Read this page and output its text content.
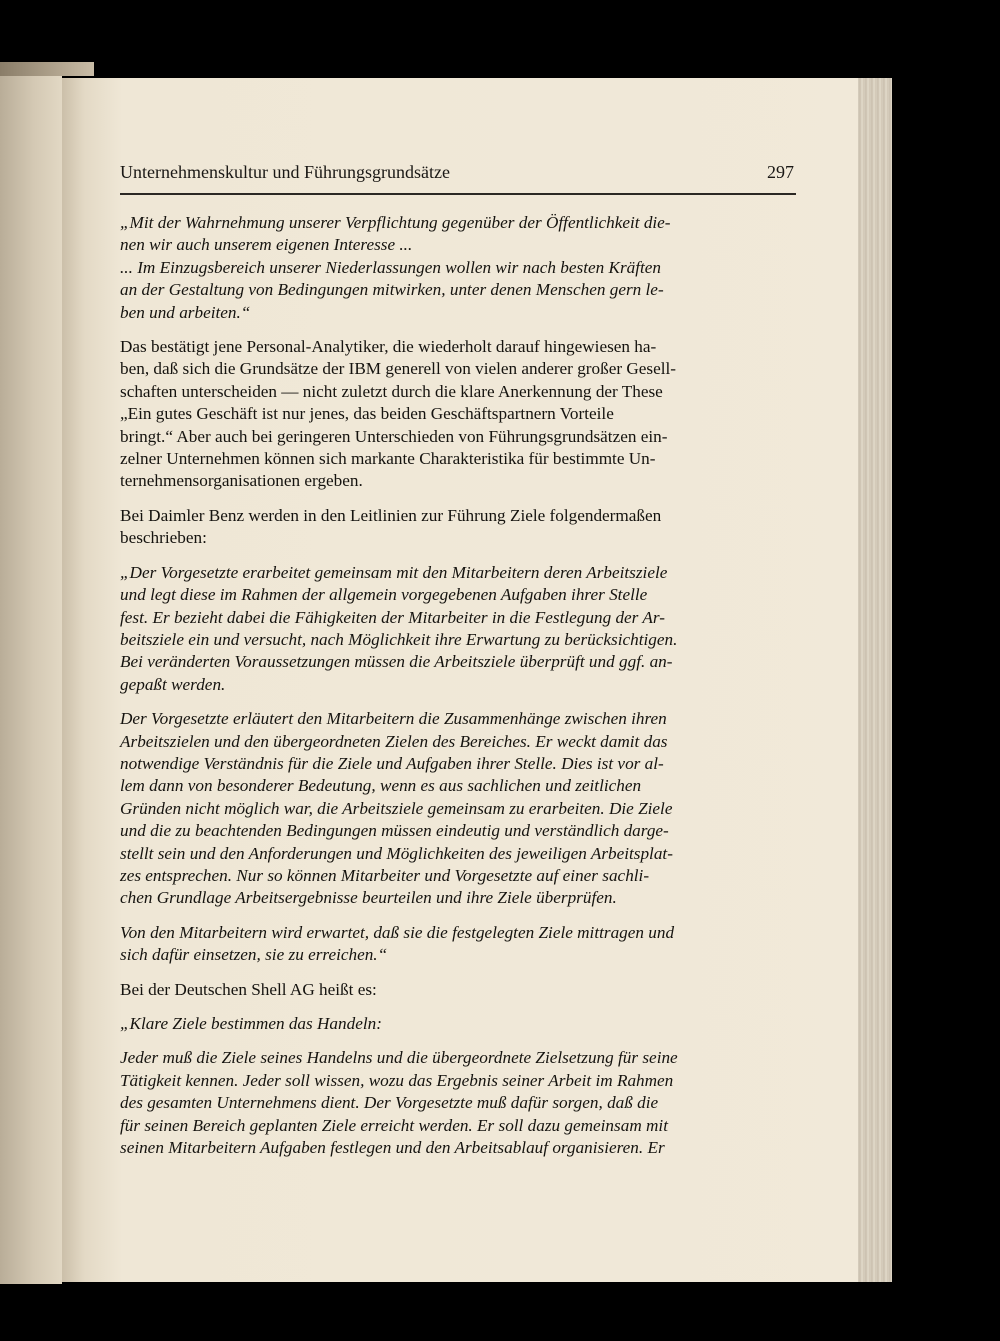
Unternehmenskultur und Führungsgrundsätze	297

„Mit der Wahrnehmung unserer Verpflichtung gegenüber der Öffentlichkeit die-
nen wir auch unserem eigenen Interesse ...
... Im Einzugsbereich unserer Niederlassungen wollen wir nach besten Kräften
an der Gestaltung von Bedingungen mitwirken, unter denen Menschen gern le-
ben und arbeiten.“

Das bestätigt jene Personal-Analytiker, die wiederholt darauf hingewiesen ha-
ben, daß sich die Grundsätze der IBM generell von vielen anderer großer Gesell-
schaften unterscheiden — nicht zuletzt durch die klare Anerkennung der These
„Ein gutes Geschäft ist nur jenes, das beiden Geschäftspartnern Vorteile
bringt.“ Aber auch bei geringeren Unterschieden von Führungsgrundsätzen ein-
zelner Unternehmen können sich markante Charakteristika für bestimmte Un-
ternehmensorganisationen ergeben.

Bei Daimler Benz werden in den Leitlinien zur Führung Ziele folgendermaßen
beschrieben:

„Der Vorgesetzte erarbeitet gemeinsam mit den Mitarbeitern deren Arbeitsziele
und legt diese im Rahmen der allgemein vorgegebenen Aufgaben ihrer Stelle
fest. Er bezieht dabei die Fähigkeiten der Mitarbeiter in die Festlegung der Ar-
beitsziele ein und versucht, nach Möglichkeit ihre Erwartung zu berücksichtigen.
Bei veränderten Voraussetzungen müssen die Arbeitsziele überprüft und ggf. an-
gepaßt werden.

Der Vorgesetzte erläutert den Mitarbeitern die Zusammenhänge zwischen ihren
Arbeitszielen und den übergeordneten Zielen des Bereiches. Er weckt damit das
notwendige Verständnis für die Ziele und Aufgaben ihrer Stelle. Dies ist vor al-
lem dann von besonderer Bedeutung, wenn es aus sachlichen und zeitlichen
Gründen nicht möglich war, die Arbeitsziele gemeinsam zu erarbeiten. Die Ziele
und die zu beachtenden Bedingungen müssen eindeutig und verständlich darge-
stellt sein und den Anforderungen und Möglichkeiten des jeweiligen Arbeitsplat-
zes entsprechen. Nur so können Mitarbeiter und Vorgesetzte auf einer sachli-
chen Grundlage Arbeitsergebnisse beurteilen und ihre Ziele überprüfen.

Von den Mitarbeitern wird erwartet, daß sie die festgelegten Ziele mittragen und
sich dafür einsetzen, sie zu erreichen.“

Bei der Deutschen Shell AG heißt es:

„Klare Ziele bestimmen das Handeln:

Jeder muß die Ziele seines Handelns und die übergeordnete Zielsetzung für seine
Tätigkeit kennen. Jeder soll wissen, wozu das Ergebnis seiner Arbeit im Rahmen
des gesamten Unternehmens dient. Der Vorgesetzte muß dafür sorgen, daß die
für seinen Bereich geplanten Ziele erreicht werden. Er soll dazu gemeinsam mit
seinen Mitarbeitern Aufgaben festlegen und den Arbeitsablauf organisieren. Er
